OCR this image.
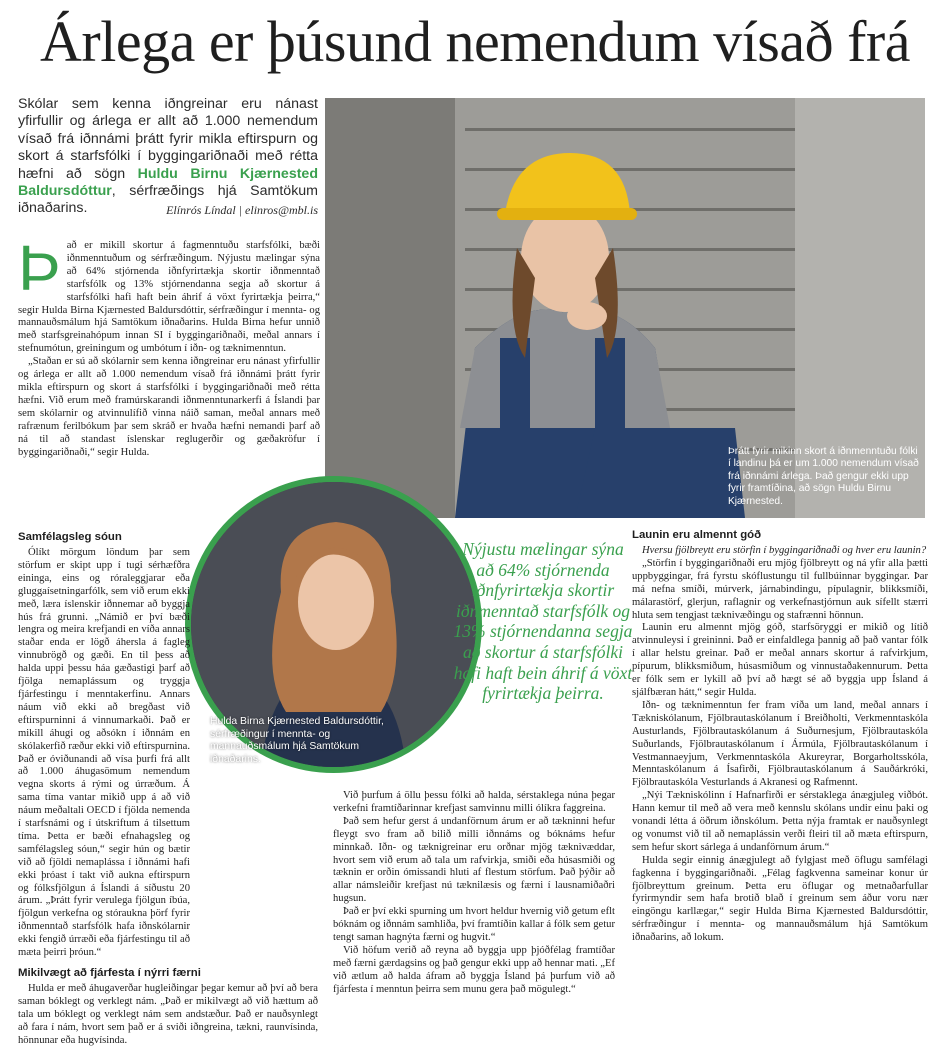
Árlega er þúsund nemendum vísað frá
Skólar sem kenna iðngreinar eru nánast yfirfullir og árlega er allt að 1.000 nemendum vísað frá iðnnámi þrátt fyrir mikla eftirspurn og skort á starfsfólki í byggingariðnaði með rétta hæfni að sögn Huldu Birnu Kjærnested Baldursdóttur, sérfræðings hjá Samtökum iðnaðarins.	Elínrós Líndal | elinros@mbl.is
Þ að er mikill skortur á fagmenntuðu starfsfólki, bæði iðnmenntuðum og sérfræðingum. Nýjustu mælingar sýna að 64% stjórnenda iðnfyrirtækja skortir iðnmenntað starfsfólk og 13% stjórnendanna segja að skortur á starfsfólki hafi haft bein áhrif á vöxt fyrirtækja þeirra,“ segir Hulda Birna Kjærnested Baldursdóttir, sérfræðingur í mennta- og mannauðsmálum hjá Samtökum iðnaðarins. Hulda Birna hefur unnið með starfsgreinahópum innan SI í byggingariðnaði, meðal annars í stefnumótun, greiningum og umbótum í iðn- og tæknimenntun.

„Staðan er sú að skólarnir sem kenna iðngreinar eru nánast yfirfullir og árlega er allt að 1.000 nemendum vísað frá iðnnámi þrátt fyrir mikla eftirspurn og skort á starfsfólki í byggingariðnaði með rétta hæfni. Við erum með framúrskarandi iðnmenntunarkerfi á Íslandi þar sem skólarnir og atvinnulífið vinna náið saman, meðal annars með rafrænum ferilbókum þar sem skráð er hvaða hæfni nemandi þarf að ná til að standast íslenskar reglugerðir og gæðakröfur í byggingariðnaði,“ segir Hulda.	Þrátt fyrir mikinn skort á iðnmenntuðu fólki í landinu þá er um 1.000 nemendum vísað frá iðnnámi árlega. Það gengur ekki upp fyrir framtíðina, að sögn Huldu Birnu Kjærnested.
Hulda Birna Kjærnested Baldursdóttir, sérfræðingur í mennta- og mannauðsmálum hjá Samtökum iðnaðarins.
Nýjustu mælingar sýna að 64% stjórnenda iðnfyrirtækja skortir iðnmenntað starfsfólk og 13% stjórnendanna segja að skortur á starfsfólki hafi haft bein áhrif á vöxt fyrirtækja þeirra.
Samfélagsleg sóun

Ólíkt mörgum löndum þar sem störfum er skipt upp í tugi sérhæfðra eininga, eins og róraleggjarar eða gluggaísetningarfólk, sem við erum ekki með, læra íslenskir iðnnemar að byggja hús frá grunni. „Námið er því bæði lengra og meira krefjandi en víða annars staðar enda er lögð áhersla á fagleg vinnubrögð og gæði. En til þess að halda uppi þessu háa gæðastigi þarf að fjölga nemaplássum og tryggja fjárfestingu í menntakerfinu. Annars náum við ekki að bregðast við eftirspurninni á vinnumarkaði. Það er mikill áhugi og aðsókn í iðnnám en skólakerfið ræður ekki við eftirspurnina. Það er óviðunandi að vísa þurfi frá allt að 1.000 áhugasömum nemendum vegna skorts á rými og úrræðum. Á sama tíma vantar mikið upp á að við náum meðaltali OECD í fjölda nemenda í starfsnámi og í útskriftum á tilsettum tíma. Þetta er bæði efnahagsleg og samfélagsleg sóun,“ segir hún og bætir við að fjöldi nemaplássa í iðnnámi hafi ekki þróast í takt við aukna eftirspurn og fólksfjölgun á Íslandi á síðustu 20 árum. „Þrátt fyrir verulega fjölgun íbúa, fjölgun verkefna og stóraukna þörf fyrir iðnmenntað starfsfólk hafa iðnskólarnir ekki fengið úrræði eða fjárfestingu til að mæta þeirri þróun.“

Mikilvægt að fjárfesta í nýrri færni

Hulda er með áhugaverðar hugleiðingar þegar kemur að því að bera saman bóklegt og verklegt nám. „Það er mikilvægt að við hættum að tala um bóklegt og verklegt nám sem andstæður. Það er nauðsynlegt að fara í nám, hvort sem það er á sviði iðngreina, tækni, raunvísinda, hönnunar eða hugvísinda.

Við þurfum á öllu þessu fólki að halda, sérstaklega núna þegar verkefni framtíðarinnar krefjast samvinnu milli ólíkra faggreina.

Það sem hefur gerst á undanförnum árum er að tækninni hefur fleygt svo fram að bilið milli iðnnáms og bóknáms hefur minnkað. Iðn- og tæknigreinar eru orðnar mjög tæknivæddar, hvort sem við erum að tala um rafvirkja, smiði eða húsasmiði og tæknin er orðin ómissandi hluti af flestum störfum. Það þýðir að allar námsleiðir krefjast nú tæknilæsis og færni í lausnamiðaðri hugsun.

Það er því ekki spurning um hvort heldur hvernig við getum eflt bóknám og iðnnám samhliða, því framtíðin kallar á fólk sem getur tengt saman hagnýta færni og hugvit.“

Við höfum verið að reyna að byggja upp þjóðfélag framtíðar með færni gærdagsins og það gengur ekki upp að hennar mati. „Ef við ætlum að halda áfram að byggja Ísland þá þurfum við að fjárfesta í menntun þeirra sem munu gera það mögulegt.“

Launin eru almennt góð

Hversu fjölbreytt eru störfin í byggingariðnaði og hver eru launin?

„Störfin í byggingariðnaði eru mjög fjölbreytt og ná yfir alla þætti uppbyggingar, frá fyrstu skóflustungu til fullbúinnar byggingar. Þar má nefna smíði, múrverk, járnabindingu, pípulagnir, blikksmíði, málarastörf, glerjun, raflagnir og verkefnastjórnun auk sífellt stærri hluta sem tengjast tæknivæðingu og stafrænni hönnun.

Launin eru almennt mjög góð, starfsöryggi er mikið og lítið atvinnuleysi í greininni. Það er einfaldlega þannig að það vantar fólk í allar helstu greinar. Það er meðal annars skortur á rafvirkjum, pípurum, blikksmiðum, húsasmiðum og vinnustaðakennurum. Þetta er fólk sem er lykill að því að hægt sé að byggja upp Ísland á sjálfbæran hátt,“ segir Hulda.

Iðn- og tæknimenntun fer fram víða um land, meðal annars í Tækniskólanum, Fjölbrautaskólanum í Breiðholti, Verkmenntaskóla Austurlands, Fjölbrautaskólanum á Suðurnesjum, Fjölbrautaskóla Suðurlands, Fjölbrautaskólanum í Ármúla, Fjölbrautaskólanum í Vestmannaeyjum, Verkmenntaskóla Akureyrar, Borgarholtsskóla, Menntaskólanum á Ísafirði, Fjölbrautaskólanum á Sauðárkróki, Fjölbrautaskóla Vesturlands á Akranesi og Rafmennt.

„Nýi Tækniskólinn í Hafnarfirði er sérstaklega ánægjuleg viðbót. Hann kemur til með að vera með kennslu skólans undir einu þaki og vonandi létta á öðrum iðnskólum. Þetta nýja framtak er nauðsynlegt og vonumst við til að nemaplássin verði fleiri til að mæta eftirspurn, sem hefur skort sárlega á undanförnum árum.“

Hulda segir einnig ánægjulegt að fylgjast með öflugu samfélagi fagkenna í byggingariðnaði. „Félag fagkvenna sameinar konur úr fjölbreyttum greinum. Þetta eru öflugar og metnaðarfullar fyrirmyndir sem hafa brotið blað í greinum sem áður voru nær eingöngu karllægar,“ segir Hulda Birna Kjærnested Baldursdóttir, sérfræðingur í mennta- og mannauðsmálum hjá Samtökum iðnaðarins, að lokum.
